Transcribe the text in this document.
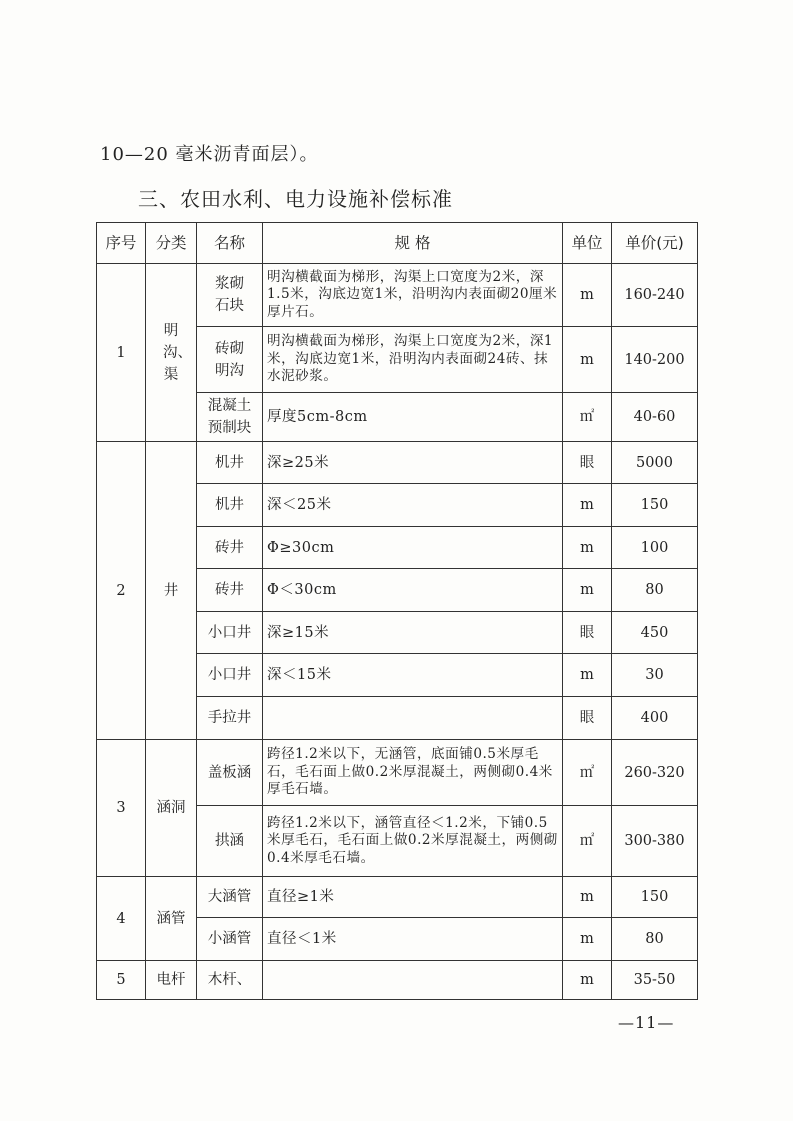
10—20 毫米沥青面层）。
三、农田水利、电力设施补偿标准
序号	分类	名称	规 格	单位	单价(元)
1	明沟、渠	浆砌石块	明沟横截面为梯形，沟渠上口宽度为2米，深1.5米，沟底边宽1米，沿明沟内表面砌20厘米厚片石。	m	160-240
		砖砌明沟	明沟横截面为梯形，沟渠上口宽度为2米，深1米，沟底边宽1米，沿明沟内表面砌24砖、抹水泥砂浆。	m	140-200
		混凝土预制块	厚度5cm-8cm	㎡	40-60
2	井	机井	深≥25米	眼	5000
		机井	深＜25米	m	150
		砖井	Φ≥30cm	m	100
		砖井	Φ＜30cm	m	80
		小口井	深≥15米	眼	450
		小口井	深＜15米	m	30
		手拉井		眼	400
3	涵洞	盖板涵	跨径1.2米以下，无涵管，底面铺0.5米厚毛石，毛石面上做0.2米厚混凝土，两侧砌0.4米厚毛石墙。	㎡	260-320
		拱涵	跨径1.2米以下，涵管直径＜1.2米，下铺0.5米厚毛石，毛石面上做0.2米厚混凝土，两侧砌0.4米厚毛石墙。	㎡	300-380
4	涵管	大涵管	直径≥1米	m	150
		小涵管	直径＜1米	m	80
5	电杆	木杆、		m	35-50
—11—
